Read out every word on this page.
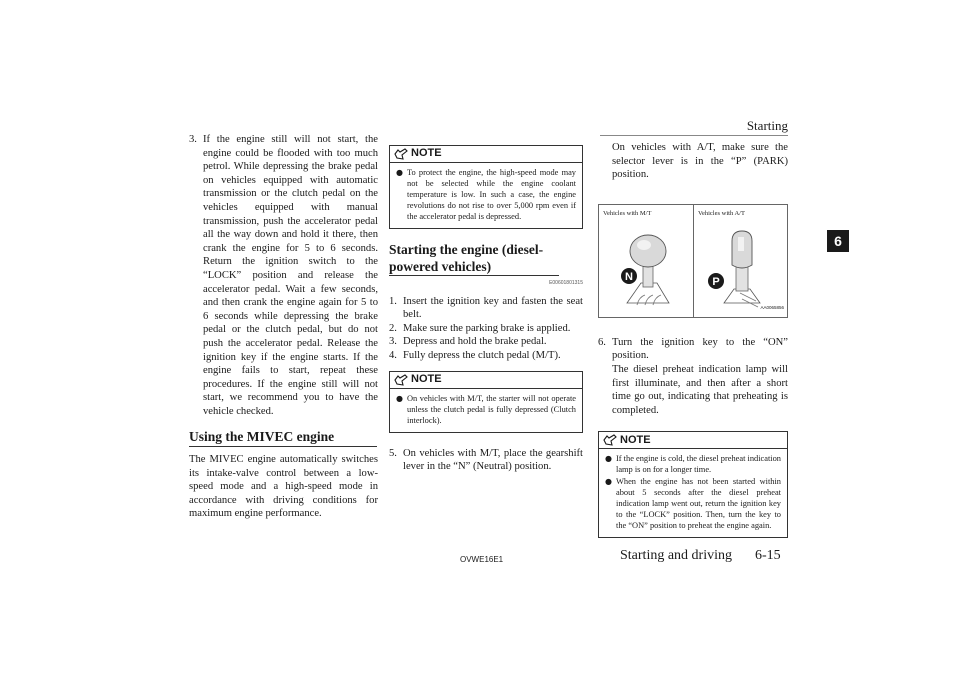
Starting
6
3. If the engine still will not start, the engine could be flooded with too much petrol. While depressing the brake pedal on vehicles equipped with automatic transmission or the clutch pedal on the vehicles equipped with manual transmission, push the accelerator pedal all the way down and hold it there, then crank the engine for 5 to 6 seconds. Return the ignition switch to the “LOCK” position and release the accelerator pedal. Wait a few seconds, and then crank the engine again for 5 to 6 seconds while depressing the brake pedal or the clutch pedal, but do not push the accelerator pedal. Release the ignition key if the engine starts. If the engine fails to start, repeat these procedures. If the engine still will not start, we recommend you to have the vehicle checked.
Using the MIVEC engine
The MIVEC engine automatically switches its intake-valve control between a low-speed mode and a high-speed mode in accordance with driving conditions for maximum engine performance.
NOTE
● To protect the engine, the high-speed mode may not be selected while the engine coolant temperature is low. In such a case, the engine revolutions do not rise to over 5,000 rpm even if the accelerator pedal is depressed.
Starting the engine (diesel-
powered vehicles)
E00601801315
1. Insert the ignition key and fasten the seat belt.
2. Make sure the parking brake is applied.
3. Depress and hold the brake pedal.
4. Fully depress the clutch pedal (M/T).
NOTE
● On vehicles with M/T, the starter will not operate unless the clutch pedal is fully depressed (Clutch interlock).
5. On vehicles with M/T, place the gearshift lever in the “N” (Neutral) position.
On vehicles with A/T, make sure the selector lever is in the “P” (PARK) position.
Vehicles with M/T	Vehicles with A/T
N	P
AA0065856
6. Turn the ignition key to the “ON” position.
The diesel preheat indication lamp will first illuminate, and then after a short time go out, indicating that preheating is completed.
NOTE
● If the engine is cold, the diesel preheat indication lamp is on for a longer time.
● When the engine has not been started within about 5 seconds after the diesel preheat indication lamp went out, return the ignition key to the “LOCK” position. Then, turn the key to the “ON” position to preheat the engine again.
OVWE16E1	Starting and driving 6-15
